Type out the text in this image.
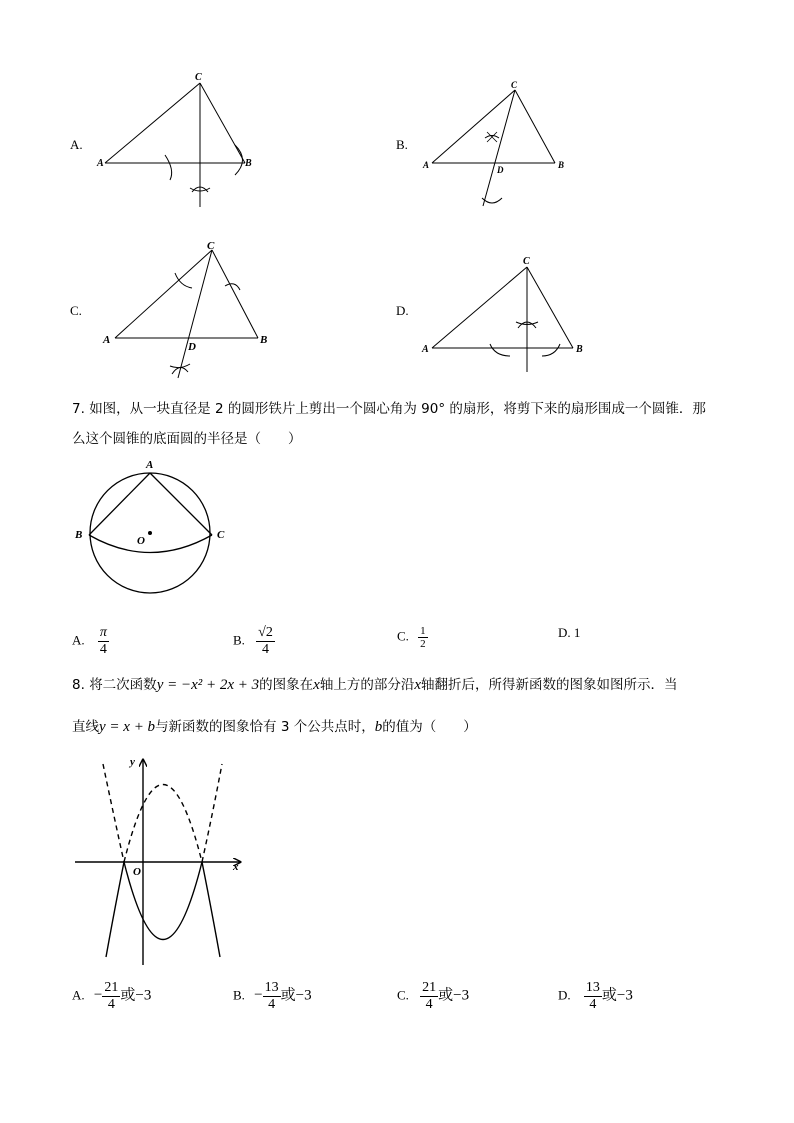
A.
C
A	B
B.
C
A	B
D
C.
C
A	B
D
D.
C
A	B
7. 如图，从一块直径是 2 的圆形铁片上剪出一个圆心角为 90° 的扇形，将剪下来的扇形围成一个圆锥．那
么这个圆锥的底面圆的半径是（　　）
A
B	C
O
A. $\frac{\pi}{4}$	B. $\frac{√2}{4}$	C. $\frac{1}{2}$	D. 1
8. 将二次函数y = −x² + 2x + 3的图象在x轴上方的部分沿x轴翻折后，所得新函数的图象如图所示．当
直线y = x + b与新函数的图象恰有 3 个公共点时，b的值为（　　）
y
x
O
A. − $\frac{21}{4}$ 或−3	B. − $\frac{13}{4}$ 或−3	C. $\frac{21}{4}$ 或−3	D. $\frac{13}{4}$ 或−3
